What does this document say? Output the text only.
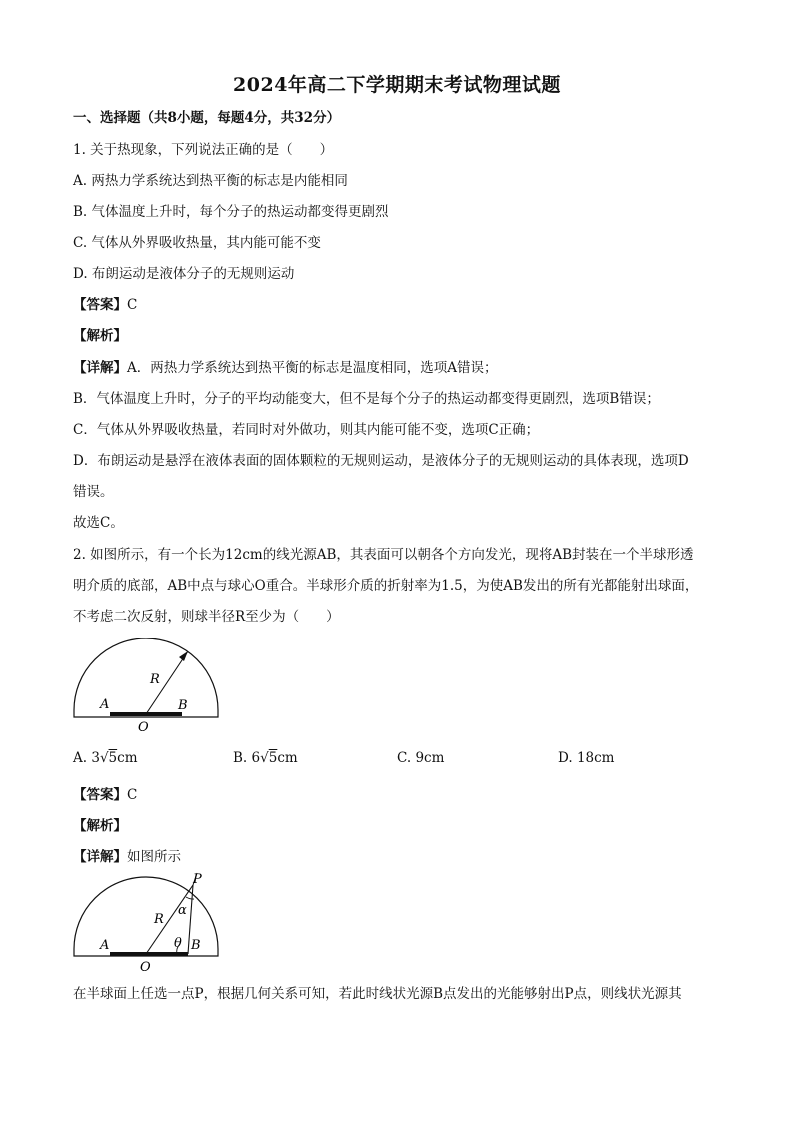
2024年高二下学期期末考试物理试题
一、选择题（共8小题，每题4分，共32分）
1. 关于热现象，下列说法正确的是（　　）
A. 两热力学系统达到热平衡的标志是内能相同
B. 气体温度上升时，每个分子的热运动都变得更剧烈
C. 气体从外界吸收热量，其内能可能不变
D. 布朗运动是液体分子的无规则运动
【答案】C
【解析】
【详解】A．两热力学系统达到热平衡的标志是温度相同，选项A错误；
B．气体温度上升时，分子的平均动能变大，但不是每个分子的热运动都变得更剧烈，选项B错误；
C．气体从外界吸收热量，若同时对外做功，则其内能可能不变，选项C正确；
D．布朗运动是悬浮在液体表面的固体颗粒的无规则运动，是液体分子的无规则运动的具体表现，选项D
错误。
故选C。
2. 如图所示，有一个长为12cm的线光源AB，其表面可以朝各个方向发光，现将AB封装在一个半球形透
明介质的底部，AB中点与球心O重合。半球形介质的折射率为1.5，为使AB发出的所有光都能射出球面，
不考虑二次反射，则球半径R至少为（　　）
R
A	B
O
A. 3√5cm	B. 6√5cm	C. 9cm	D. 18cm
【答案】C
【解析】
【详解】如图所示
P
α
R
θ
A	B
O
在半球面上任选一点P，根据几何关系可知，若此时线状光源B点发出的光能够射出P点，则线状光源其
